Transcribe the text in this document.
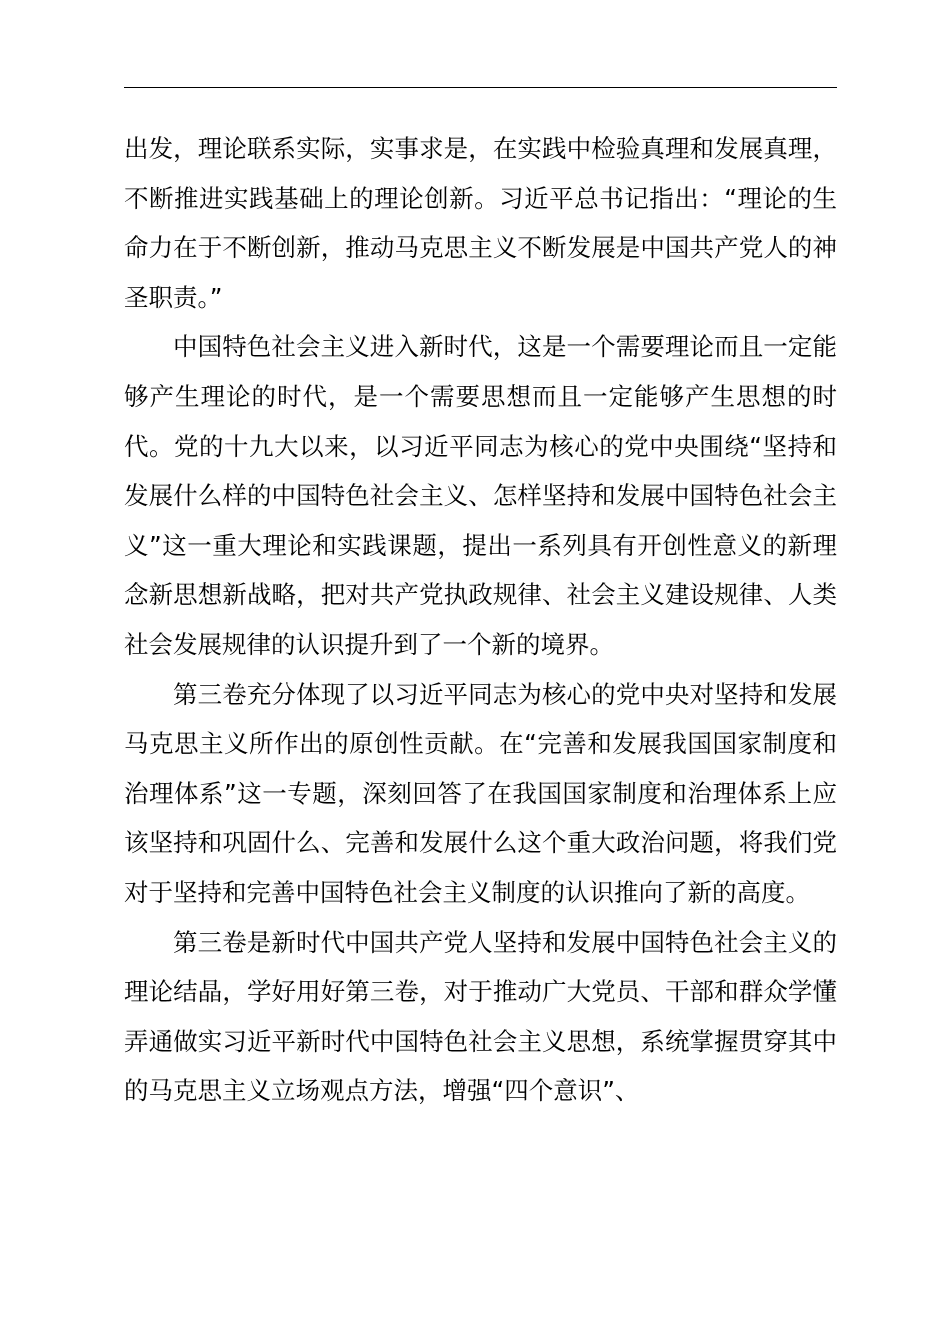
出发，理论联系实际，实事求是，在实践中检验真理和发展真理，不断推进实践基础上的理论创新。习近平总书记指出：“理论的生命力在于不断创新，推动马克思主义不断发展是中国共产党人的神圣职责。”

中国特色社会主义进入新时代，这是一个需要理论而且一定能够产生理论的时代，是一个需要思想而且一定能够产生思想的时代。党的十九大以来，以习近平同志为核心的党中央围绕“坚持和发展什么样的中国特色社会主义、怎样坚持和发展中国特色社会主义”这一重大理论和实践课题，提出一系列具有开创性意义的新理念新思想新战略，把对共产党执政规律、社会主义建设规律、人类社会发展规律的认识提升到了一个新的境界。

第三卷充分体现了以习近平同志为核心的党中央对坚持和发展马克思主义所作出的原创性贡献。在“完善和发展我国国家制度和治理体系”这一专题，深刻回答了在我国国家制度和治理体系上应该坚持和巩固什么、完善和发展什么这个重大政治问题，将我们党对于坚持和完善中国特色社会主义制度的认识推向了新的高度。

第三卷是新时代中国共产党人坚持和发展中国特色社会主义的理论结晶，学好用好第三卷，对于推动广大党员、干部和群众学懂弄通做实习近平新时代中国特色社会主义思想，系统掌握贯穿其中的马克思主义立场观点方法，增强“四个意识”、
